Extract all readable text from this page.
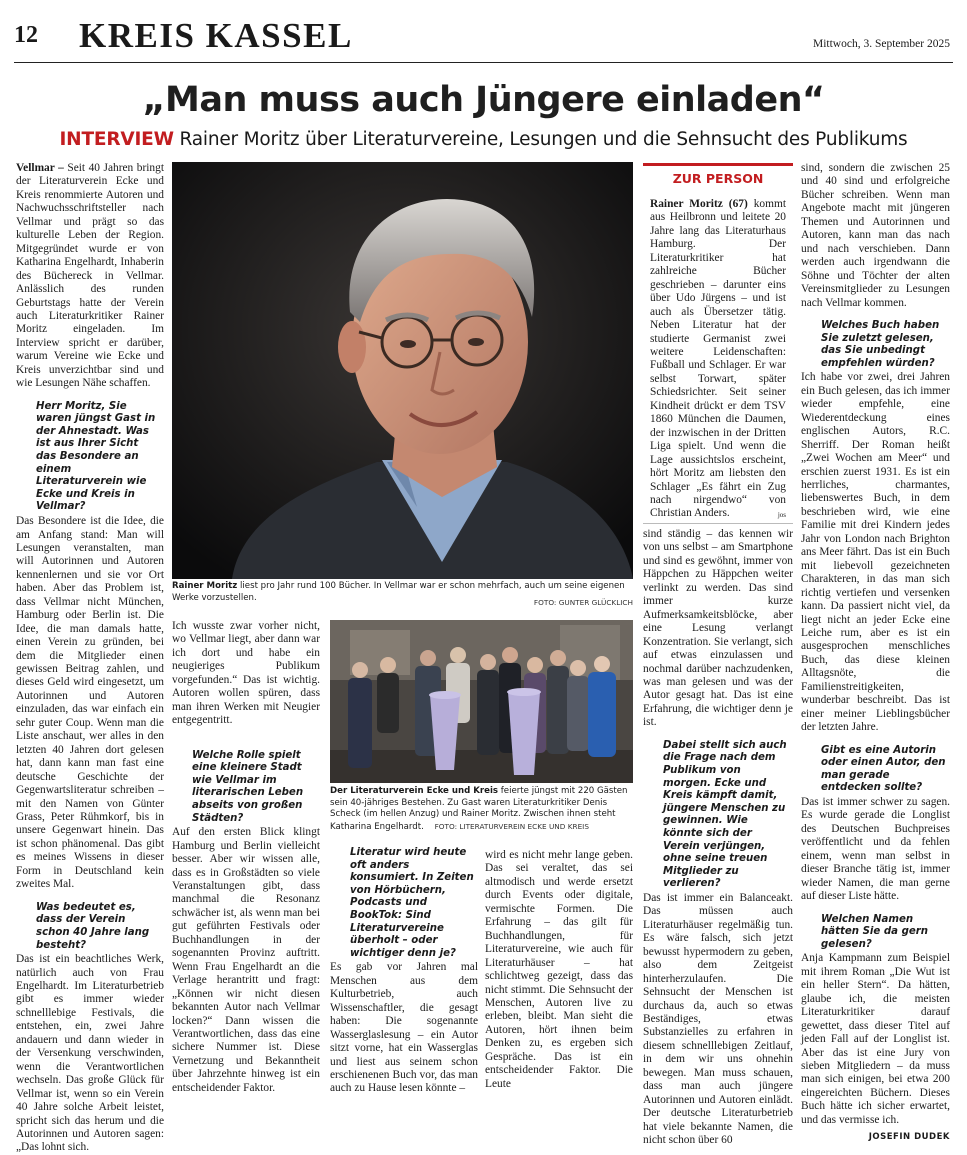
12 KREIS KASSEL	Mittwoch, 3. September 2025
„Man muss auch Jüngere einladen“
INTERVIEW Rainer Moritz über Literaturvereine, Lesungen und die Sehnsucht des Publikums

Vellmar – Seit 40 Jahren bringt der Literaturverein Ecke und Kreis renommierte Autoren und Nachwuchsschriftsteller nach Vellmar und prägt so das kulturelle Leben der Region. Mitgegründet wurde er von Katharina Engelhardt, Inhaberin des Büchereck in Vellmar. Anlässlich des runden Geburtstags hatte der Verein auch Literaturkritiker Rainer Moritz eingeladen. Im Interview spricht er darüber, warum Vereine wie Ecke und Kreis unverzichtbar sind und wie Lesungen Nähe schaffen.

Herr Moritz, Sie waren jüngst Gast in der Ahnestadt. Was ist aus Ihrer Sicht das Besondere an einem Literaturverein wie Ecke und Kreis in Vellmar?

Das Besondere ist die Idee, die am Anfang stand: Man will Lesungen veranstalten, man will Autorinnen und Autoren kennenlernen und sie vor Ort haben. Aber das Problem ist, dass Vellmar nicht München, Hamburg oder Berlin ist. Die Idee, die man damals hatte, einen Verein zu gründen, bei dem die Mitglieder einen gewissen Beitrag zahlen, und dieses Geld wird eingesetzt, um Autorinnen und Autoren einzuladen, das war einfach ein sehr guter Coup. Wenn man die Liste anschaut, wer alles in den letzten 40 Jahren dort gelesen hat, dann kann man fast eine deutsche Geschichte der Gegenwartsliteratur schreiben – mit den Namen von Günter Grass, Peter Rühmkorf, bis in unsere Gegenwart hinein. Das ist schon phänomenal. Das gibt es meines Wissens in dieser Form in Deutschland kein zweites Mal.

Was bedeutet es, dass der Verein schon 40 Jahre lang besteht?

Das ist ein beachtliches Werk, natürlich auch von Frau Engelhardt. Im Literaturbetrieb gibt es immer wieder schnelllebige Festivals, die entstehen, ein, zwei Jahre andauern und dann wieder in der Versenkung verschwinden, wenn die Verantwortlichen wechseln. Das große Glück für Vellmar ist, wenn so ein Verein 40 Jahre solche Arbeit leistet, spricht sich das herum und die Autorinnen und Autoren sagen: „Das lohnt sich.

Rainer Moritz liest pro Jahr rund 100 Bücher. In Vellmar war er schon mehrfach, auch um seine eigenen Werke vorzustellen.	FOTO: GUNTER GLÜCKLICH

Ich wusste zwar vorher nicht, wo Vellmar liegt, aber dann war ich dort und habe ein neugieriges Publikum vorgefunden.“ Das ist wichtig. Autoren wollen spüren, dass man ihren Werken mit Neugier entgegentritt.

Welche Rolle spielt eine kleinere Stadt wie Vellmar im literarischen Leben abseits von großen Städten?

Auf den ersten Blick klingt Hamburg und Berlin vielleicht besser. Aber wir wissen alle, dass es in Großstädten so viele Veranstaltungen gibt, dass manchmal die Resonanz schwächer ist, als wenn man bei gut geführten Festivals oder Buchhandlungen in der sogenannten Provinz auftritt. Wenn Frau Engelhardt an die Verlage herantritt und fragt: „Können wir nicht diesen bekannten Autor nach Vellmar locken?“ Dann wissen die Verantwortlichen, dass das eine sichere Nummer ist. Diese Vernetzung und Bekanntheit über Jahrzehnte hinweg ist ein entscheidender Faktor.

Der Literaturverein Ecke und Kreis feierte jüngst mit 220 Gästen sein 40-jähriges Bestehen. Zu Gast waren Literaturkritiker Denis Scheck (im hellen Anzug) und Rainer Moritz. Zwischen ihnen steht Katharina Engelhardt. FOTO: LITERATURVEREIN ECKE UND KREIS

Literatur wird heute oft anders konsumiert. In Zeiten von Hörbüchern, Podcasts und BookTok: Sind Literaturvereine überholt – oder wichtiger denn je?

Es gab vor Jahren mal Menschen aus dem Kulturbetrieb, auch Wissenschaftler, die gesagt haben: Die sogenannte Wasserglaslesung – ein Autor sitzt vorne, hat ein Wasserglas und liest aus seinem schon erschienenen Buch vor, das man auch zu Hause lesen könnte –

wird es nicht mehr lange geben. Das sei veraltet, das sei altmodisch und werde ersetzt durch Events oder digitale, vermischte Formen. Die Erfahrung – das gilt für Buchhandlungen, für Literaturvereine, wie auch für Literaturhäuser – hat schlichtweg gezeigt, dass das nicht stimmt. Die Sehnsucht der Menschen, Autoren live zu erleben, bleibt. Man sieht die Autoren, hört ihnen beim Denken zu, es ergeben sich Gespräche. Das ist ein entscheidender Faktor. Die Leute

ZUR PERSON

Rainer Moritz (67) kommt aus Heilbronn und leitete 20 Jahre lang das Literaturhaus Hamburg. Der Literaturkritiker hat zahlreiche Bücher geschrieben – darunter eins über Udo Jürgens – und ist auch als Übersetzer tätig. Neben Literatur hat der studierte Germanist zwei weitere Leidenschaften: Fußball und Schlager. Er war selbst Torwart, später Schiedsrichter. Seit seiner Kindheit drückt er dem TSV 1860 München die Daumen, der inzwischen in der Dritten Liga spielt. Und wenn die Lage aussichtslos erscheint, hört Moritz am liebsten den Schlager „Es fährt ein Zug nach nirgendwo“ von Christian Anders.	jos

sind ständig – das kennen wir von uns selbst – am Smartphone und sind es gewöhnt, immer von Häppchen zu Häppchen weiter verlinkt zu werden. Das sind immer kurze Aufmerksamkeitsblöcke, aber eine Lesung verlangt Konzentration. Sie verlangt, sich auf etwas einzulassen und nochmal darüber nachzudenken, was man gelesen und was der Autor gesagt hat. Das ist eine Erfahrung, die wichtiger denn je ist.

Dabei stellt sich auch die Frage nach dem Publikum von morgen. Ecke und Kreis kämpft damit, jüngere Menschen zu gewinnen. Wie könnte sich der Verein verjüngen, ohne seine treuen Mitglieder zu verlieren?

Das ist immer ein Balanceakt. Das müssen auch Literaturhäuser regelmäßig tun. Es wäre falsch, sich jetzt bewusst hypermodern zu geben, also dem Zeitgeist hinterherzulaufen. Die Sehnsucht der Menschen ist durchaus da, auch so etwas Beständiges, etwas Substanzielles zu erfahren in diesem schnelllebigen Zeitlauf, in dem wir uns ohnehin bewegen. Man muss schauen, dass man auch jüngere Autorinnen und Autoren einlädt. Der deutsche Literaturbetrieb hat viele bekannte Namen, die nicht schon über 60

sind, sondern die zwischen 25 und 40 sind und erfolgreiche Bücher schreiben. Wenn man Angebote macht mit jüngeren Themen und Autorinnen und Autoren, kann man das nach und nach verschieben. Dann werden auch irgendwann die Söhne und Töchter der alten Vereinsmitglieder zu Lesungen nach Vellmar kommen.

Welches Buch haben Sie zuletzt gelesen, das Sie unbedingt empfehlen würden?

Ich habe vor zwei, drei Jahren ein Buch gelesen, das ich immer wieder empfehle, eine Wiederentdeckung eines englischen Autors, R.C. Sherriff. Der Roman heißt „Zwei Wochen am Meer“ und erschien zuerst 1931. Es ist ein herrliches, charmantes, liebenswertes Buch, in dem beschrieben wird, wie eine Familie mit drei Kindern jedes Jahr von London nach Brighton ans Meer fährt. Das ist ein Buch mit liebevoll gezeichneten Charakteren, in das man sich richtig vertiefen und versenken kann. Da passiert nicht viel, da liegt nicht an jeder Ecke eine Leiche rum, aber es ist ein ausgesprochen menschliches Buch, das diese kleinen Alltagsnöte, die Familienstreitigkeiten, wunderbar beschreibt. Das ist einer meiner Lieblingsbücher der letzten Jahre.

Gibt es eine Autorin oder einen Autor, den man gerade entdecken sollte?

Das ist immer schwer zu sagen. Es wurde gerade die Longlist des Deutschen Buchpreises veröffentlicht und da fehlen einem, wenn man selbst in dieser Branche tätig ist, immer wieder Namen, die man gerne auf dieser Liste hätte.

Welchen Namen hätten Sie da gern gelesen?

Anja Kampmann zum Beispiel mit ihrem Roman „Die Wut ist ein heller Stern“. Da hätten, glaube ich, die meisten Literaturkritiker darauf gewettet, dass dieser Titel auf jeden Fall auf der Longlist ist. Aber das ist eine Jury von sieben Mitgliedern – da muss man sich einigen, bei etwa 200 eingereichten Büchern. Dieses Buch hätte ich sicher erwartet, und das vermisse ich.

JOSEFIN DUDEK
